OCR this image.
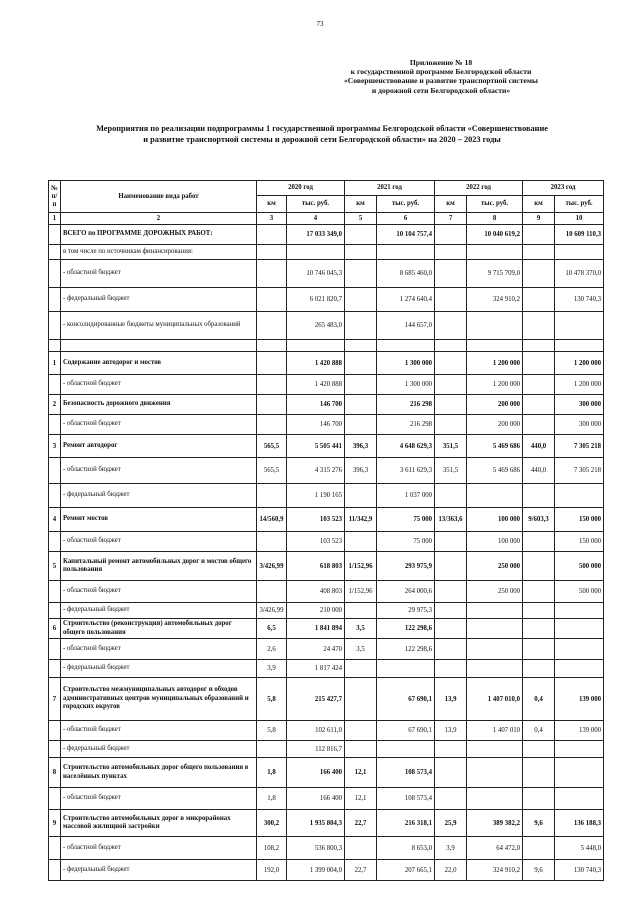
73
Приложение № 18
к государственной программе Белгородской области
«Совершенствование и развитие транспортной системы
и дорожной сети Белгородской области»
Мероприятия по реализации подпрограммы 1 государственной программы Белгородской области «Совершенствование
и развитие транспортной системы и дорожной сети Белгородской области» на 2020 – 2023 годы
№ п/п	Наименование вида работ	2020 год		2021 год		2022 год		2023 год	
		км	тыс. руб.	км	тыс. руб.	км	тыс. руб.	км	тыс. руб.
1	2	3	4	5	6	7	8	9	10
	ВСЕГО по ПРОГРАММЕ ДОРОЖНЫХ РАБОТ:		17 033 349,0		10 104 757,4		10 040 619,2		10 609 110,3
	в том числе по источникам финансирования:								
	- областной бюджет		10 746 045,3		8 685 460,0		9 715 709,0		10 478 370,0
	- федеральный бюджет		6 021 820,7		1 274 640,4		324 910,2		130 740,3
	- консолидированные бюджеты муниципальных образований		265 483,0		144 657,0				

1	Содержание автодорог и мостов		1 420 888		1 300 000		1 200 000		1 200 000
	- областной бюджет		1 420 888		1 300 000		1 200 000		1 200 000
2	Безопасность дорожного движения		146 700		216 298		200 000		300 000
	- областной бюджет		146 700		216 298		200 000		300 000
3	Ремонт автодорог	565,5	5 505 441	396,3	4 648 629,3	351,5	5 469 686	440,0	7 305 218
	- областной бюджет	565,5	4 315 276	396,3	3 611 629,3	351,5	5 469 686	440,0	7 305 218
	- федеральный бюджет		1 190 165		1 037 000				
4	Ремонт мостов	14/560,9	103 523	11/342,9	75 000	13/363,6	100 000	9/603,3	150 000
	- областной бюджет		103 523		75 000		100 000		150 000
5	Капитальный ремонт автомобильных дорог и мостов общего пользования	3/426,99	618 803	1/152,96	293 975,9		250 000		500 000
	- областной бюджет		408 803	1/152,96	264 000,6		250 000		500 000
	- федеральный бюджет	3/426,99	210 000		29 975,3				
6	Строительство (реконструкция) автомобильных дорог общего пользования	6,5	1 841 894	3,5	122 298,6				
	- областной бюджет	2,6	24 470	3,5	122 298,6				
	- федеральный бюджет	3,9	1 817 424						
7	Строительство межмуниципальных автодорог и обходов административных центров муниципальных образований и городских округов	5,8	215 427,7		67 690,1	13,9	1 407 010,0	0,4	139 000
	- областной бюджет	5,8	102 611,0		67 690,1	13,9	1 407 010	0,4	139 000
	- федеральный бюджет		112 816,7						
8	Строительство автомобильных дорог общего пользования в населённых пунктах	1,8	166 400	12,1	108 573,4				
	- областной бюджет	1,8	166 400	12,1	108 573,4				
9	Строительство автомобильных дорог в микрорайонах массовой жилищной застройки	300,2	1 935 804,3	22,7	216 318,1	25,9	389 382,2	9,6	136 188,3
	- областной бюджет	108,2	536 800,3		8 653,0	3,9	64 472,0		5 448,0
	- федеральный бюджет	192,0	1 399 004,0	22,7	207 665,1	22,0	324 910,2	9,6	130 740,3
